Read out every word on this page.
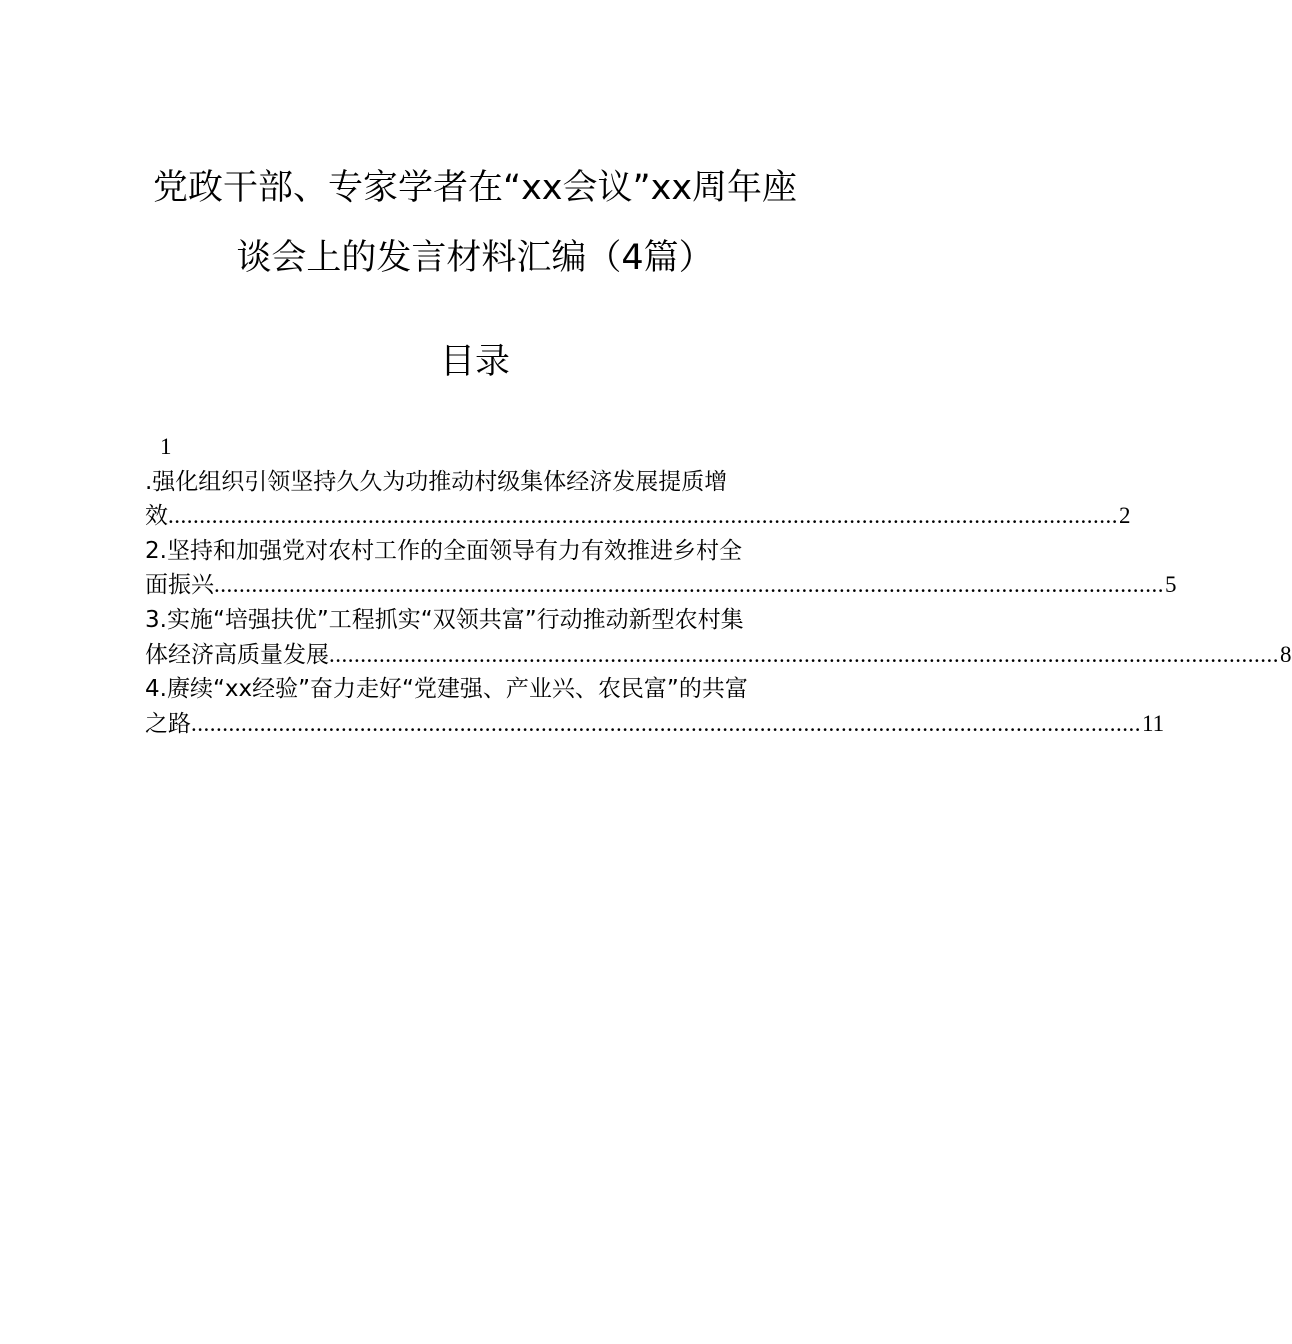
党政干部、专家学者在“xx会议”xx周年座
谈会上的发言材料汇编（4篇）
目录
1
.强化组织引领坚持久久为功推动村级集体经济发展提质增
效 ........................................................................................................................................................ 2
2.坚持和加强党对农村工作的全面领导有力有效推进乡村全
面振兴 ........................................................................................................................................................ 5
3.实施“培强扶优”工程抓实“双领共富”行动推动新型农村集
体经济高质量发展 ........................................................................................................................................................ 8
4.赓续“xx经验”奋力走好“党建强、产业兴、农民富”的共富
之路 ........................................................................................................................................................ 11
